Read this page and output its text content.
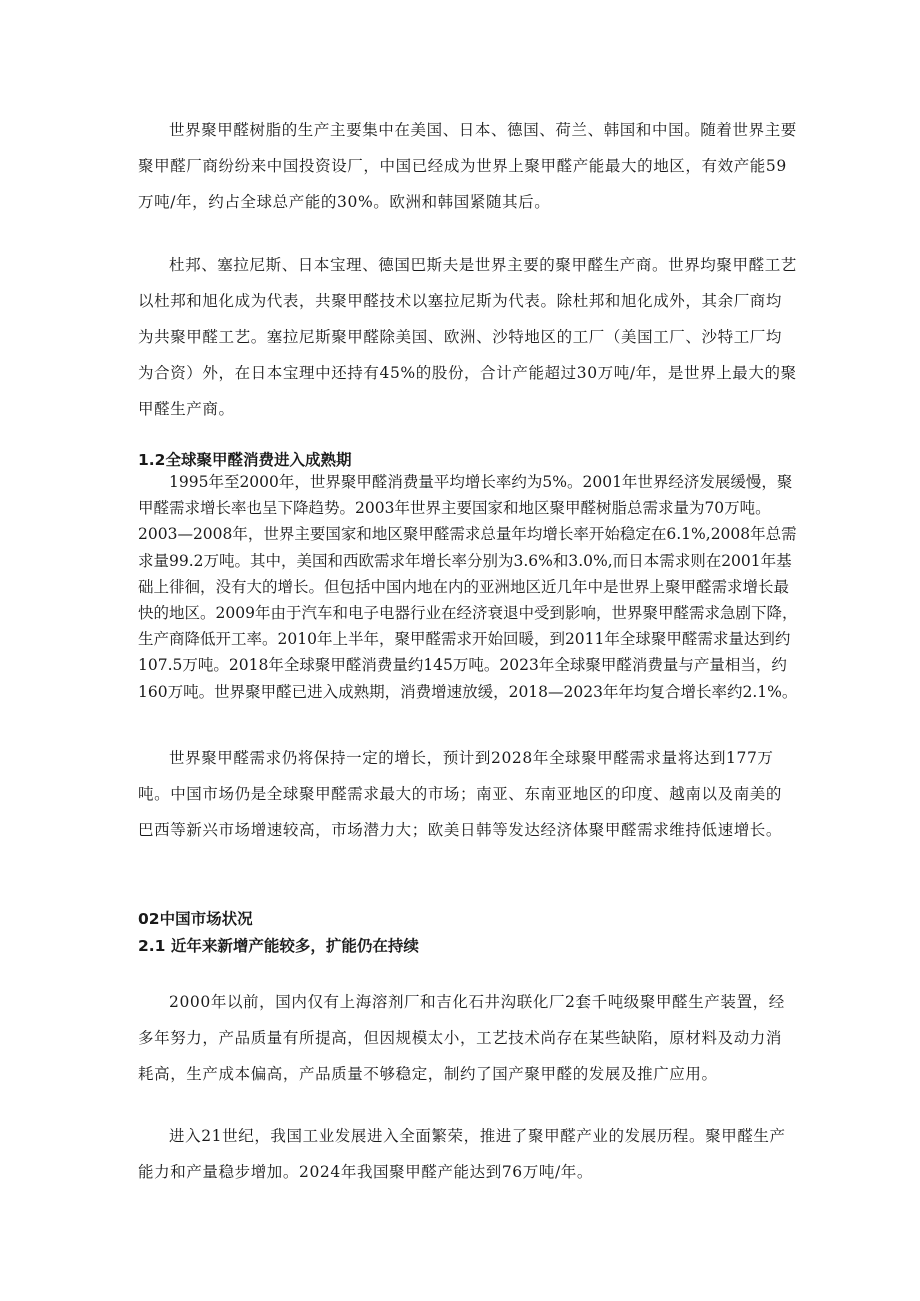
世界聚甲醛树脂的生产主要集中在美国、日本、德国、荷兰、韩国和中国。随着世界主要聚甲醛厂商纷纷来中国投资设厂，中国已经成为世界上聚甲醛产能最大的地区，有效产能59万吨/年，约占全球总产能的30%。欧洲和韩国紧随其后。

杜邦、塞拉尼斯、日本宝理、德国巴斯夫是世界主要的聚甲醛生产商。世界均聚甲醛工艺以杜邦和旭化成为代表，共聚甲醛技术以塞拉尼斯为代表。除杜邦和旭化成外，其余厂商均为共聚甲醛工艺。塞拉尼斯聚甲醛除美国、欧洲、沙特地区的工厂（美国工厂、沙特工厂均为合资）外，在日本宝理中还持有45%的股份，合计产能超过30万吨/年，是世界上最大的聚甲醛生产商。

1.2全球聚甲醛消费进入成熟期

1995年至2000年，世界聚甲醛消费量平均增长率约为5%。2001年世界经济发展缓慢，聚甲醛需求增长率也呈下降趋势。2003年世界主要国家和地区聚甲醛树脂总需求量为70万吨。2003—2008年，世界主要国家和地区聚甲醛需求总量年均增长率开始稳定在6.1%,2008年总需求量99.2万吨。其中，美国和西欧需求年增长率分别为3.6%和3.0%,而日本需求则在2001年基础上徘徊，没有大的增长。但包括中国内地在内的亚洲地区近几年中是世界上聚甲醛需求增长最快的地区。2009年由于汽车和电子电器行业在经济衰退中受到影响，世界聚甲醛需求急剧下降，生产商降低开工率。2010年上半年，聚甲醛需求开始回暖，到2011年全球聚甲醛需求量达到约107.5万吨。2018年全球聚甲醛消费量约145万吨。2023年全球聚甲醛消费量与产量相当，约160万吨。世界聚甲醛已进入成熟期，消费增速放缓，2018—2023年年均复合增长率约2.1%。

世界聚甲醛需求仍将保持一定的增长，预计到2028年全球聚甲醛需求量将达到177万吨。中国市场仍是全球聚甲醛需求最大的市场；南亚、东南亚地区的印度、越南以及南美的巴西等新兴市场增速较高，市场潜力大；欧美日韩等发达经济体聚甲醛需求维持低速增长。

02中国市场状况
2.1 近年来新增产能较多，扩能仍在持续

2000年以前，国内仅有上海溶剂厂和吉化石井沟联化厂2套千吨级聚甲醛生产装置，经多年努力，产品质量有所提高，但因规模太小，工艺技术尚存在某些缺陷，原材料及动力消耗高，生产成本偏高，产品质量不够稳定，制约了国产聚甲醛的发展及推广应用。

进入21世纪，我国工业发展进入全面繁荣，推进了聚甲醛产业的发展历程。聚甲醛生产能力和产量稳步增加。2024年我国聚甲醛产能达到76万吨/年。
